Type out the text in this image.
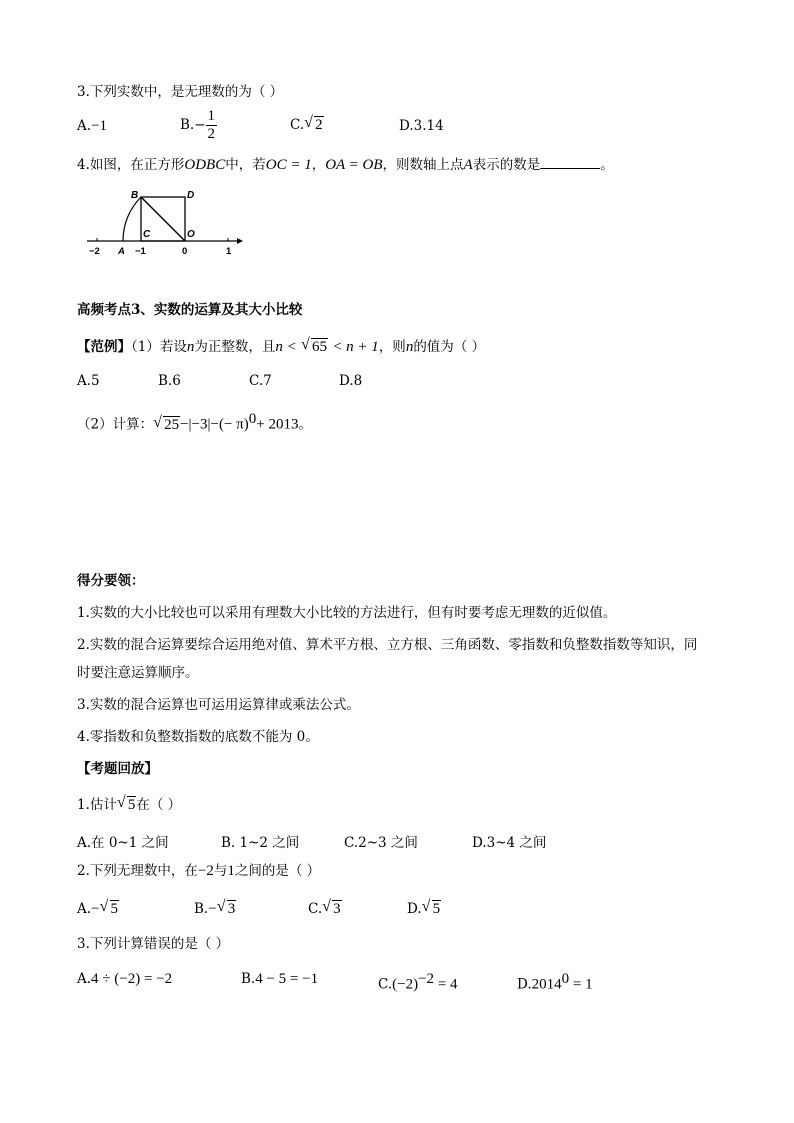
3.下列实数中，是无理数的为（ ）
A.−1	$B.- \frac{1}{2}$	C. √ 2	D.3.14
4.如图，在正方形ODBC中，若OC = 1，OA = OB，则数轴上点A表示的数是	。
B	D
C	O
−2 A −1	0	1
高频考点3、实数的运算及其大小比较
【范例】（1）若设n为正整数，且n < √ 65 < n + 1，则n的值为（ ）
A.5	B.6	C.7	D.8
（2）计算： √ $25-|-3|-(- \pi)^0+ 2013$。
得分要领：
1.实数的大小比较也可以采用有理数大小比较的方法进行，但有时要考虑无理数的近似值。
2.实数的混合运算要综合运用绝对值、算术平方根、立方根、三角函数、零指数和负整数指数等知识，同
时要注意运算顺序。
3.实数的混合运算也可运用运算律或乘法公式。
4.零指数和负整数指数的底数不能为 0。
【考题回放】
1.估计 √ 5在（ ）
A.在 0~1 之间	B. 1~2 之间	C.2~3 之间	D.3~4 之间
2.下列无理数中，在−2与1之间的是（ ）
A.− √ 5	B.− √ 3	C. √ 3	D. √ 5
3.下列计算错误的是（ ）
A.4 ÷ (−2) = −2	B.4 − 5 = −1	$C.(-2)^{-2} = 4$	$D.2014^0 = 1$
